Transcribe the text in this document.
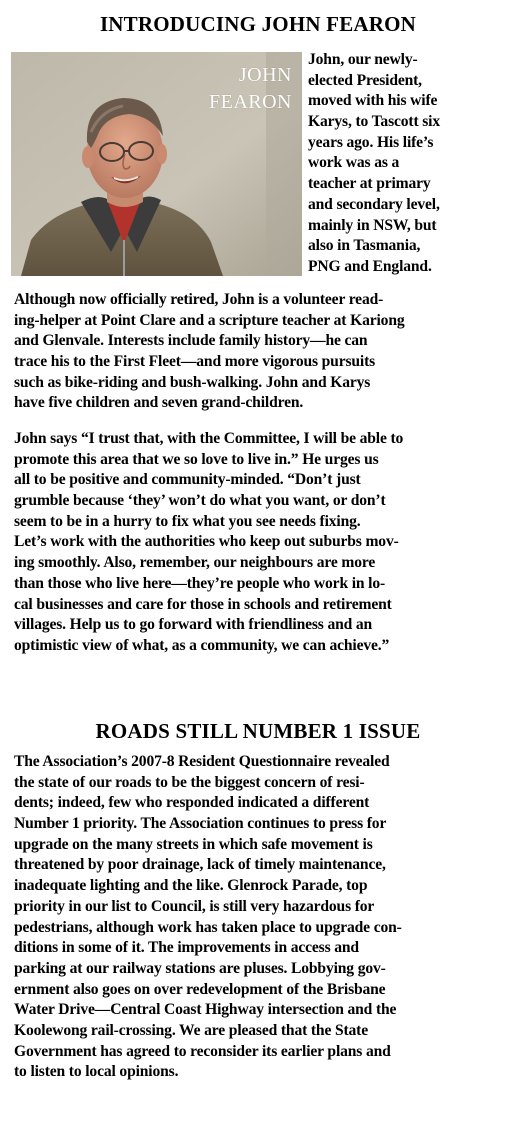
INTRODUCING JOHN FEARON
JOHN
FEARON
John, our newly-
elected President,
moved with his wife
Karys, to Tascott six
years ago. His life’s
work was as a
teacher at primary
and secondary level,
mainly in NSW, but
also in Tasmania,
PNG and England.
Although now officially retired, John is a volunteer read-
ing-helper at Point Clare and a scripture teacher at Kariong
and Glenvale. Interests include family history—he can
trace his to the First Fleet—and more vigorous pursuits
such as bike-riding and bush-walking. John and Karys
have five children and seven grand-children.
John says “I trust that, with the Committee, I will be able to
promote this area that we so love to live in.” He urges us
all to be positive and community-minded. “Don’t just
grumble because ‘they’ won’t do what you want, or don’t
seem to be in a hurry to fix what you see needs fixing.
Let’s work with the authorities who keep out suburbs mov-
ing smoothly. Also, remember, our neighbours are more
than those who live here—they’re people who work in lo-
cal businesses and care for those in schools and retirement
villages. Help us to go forward with friendliness and an
optimistic view of what, as a community, we can achieve.”
ROADS STILL NUMBER 1 ISSUE
The Association’s 2007-8 Resident Questionnaire revealed
the state of our roads to be the biggest concern of resi-
dents; indeed, few who responded indicated a different
Number 1 priority. The Association continues to press for
upgrade on the many streets in which safe movement is
threatened by poor drainage, lack of timely maintenance,
inadequate lighting and the like. Glenrock Parade, top
priority in our list to Council, is still very hazardous for
pedestrians, although work has taken place to upgrade con-
ditions in some of it. The improvements in access and
parking at our railway stations are pluses. Lobbying gov-
ernment also goes on over redevelopment of the Brisbane
Water Drive—Central Coast Highway intersection and the
Koolewong rail-crossing. We are pleased that the State
Government has agreed to reconsider its earlier plans and
to listen to local opinions.
